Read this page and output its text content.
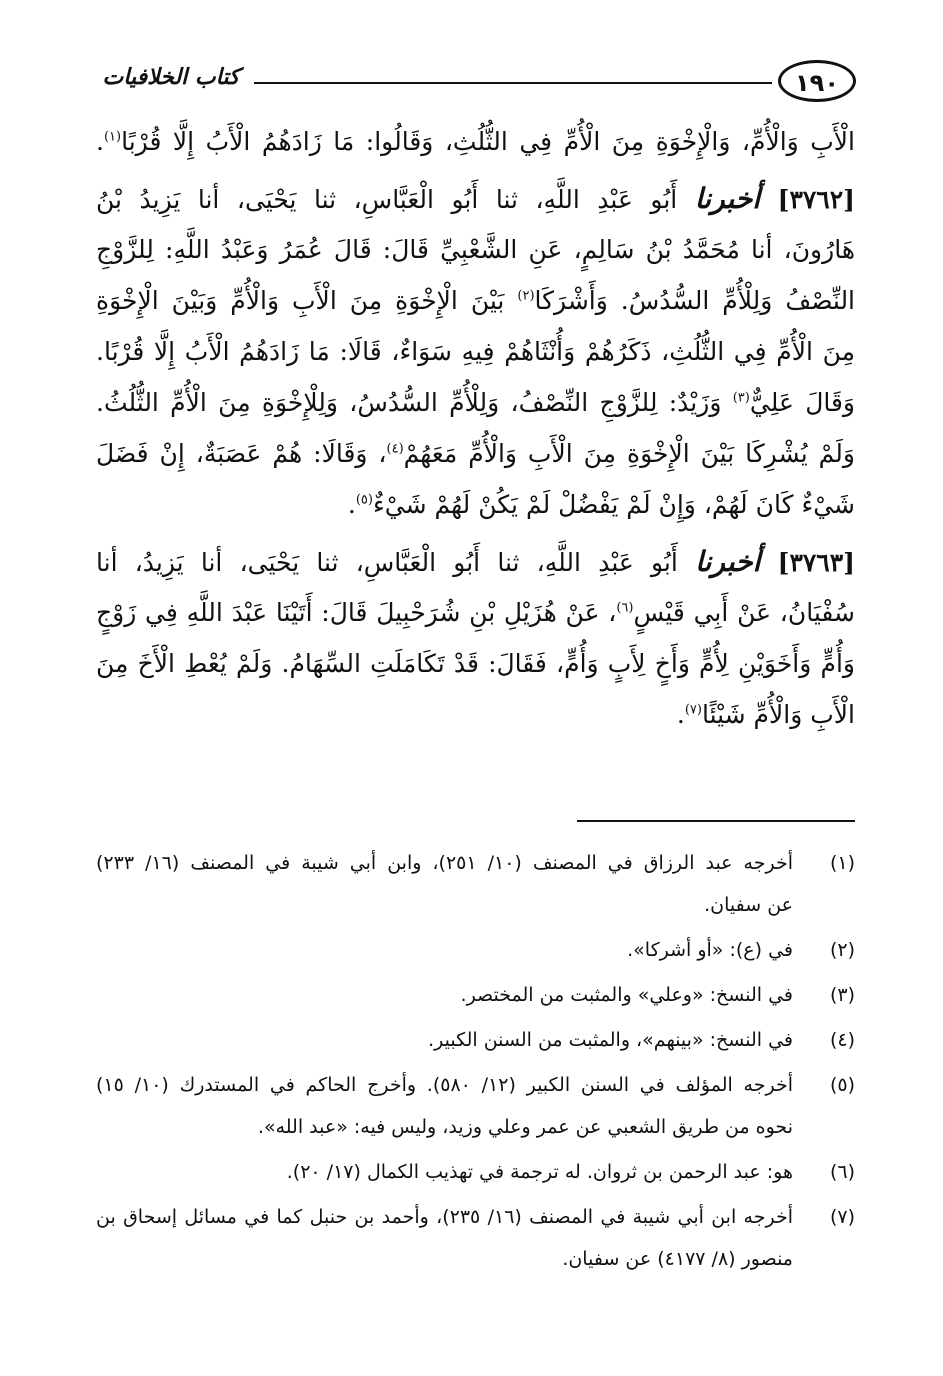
١٩٠
كتاب الخلافيات
الْأَبِ وَالْأُمِّ، وَالْإِخْوَةِ مِنَ الْأُمِّ فِي الثُّلُثِ، وَقَالُوا: مَا زَادَهُمُ الْأَبُ إِلَّا قُرْبًا$^{(١)}$.
[٣٧٦٢] أخبرنا أَبُو عَبْدِ اللَّهِ، ثنا أَبُو الْعَبَّاسِ، ثنا يَحْيَى، أنا يَزِيدُ بْنُ
هَارُونَ، أنا مُحَمَّدُ بْنُ سَالِمٍ، عَنِ الشَّعْبِيِّ قَالَ: قَالَ عُمَرُ وَعَبْدُ اللَّهِ: لِلزَّوْجِ
النِّصْفُ وَلِلْأُمِّ السُّدُسُ. وَأَشْرَكَا$^{(٢)}$ بَيْنَ الْإِخْوَةِ مِنَ الْأَبِ وَالْأُمِّ وَبَيْنَ الْإِخْوَةِ
مِنَ الْأُمِّ فِي الثُّلُثِ، ذَكَرُهُمْ وَأُنْثَاهُمْ فِيهِ سَوَاءٌ، قَالَا: مَا زَادَهُمُ الْأَبُ إِلَّا قُرْبًا.
وَقَالَ عَلِيٌّ$^{(٣)}$ وَزَيْدٌ: لِلزَّوْجِ النِّصْفُ، وَلِلْأُمِّ السُّدُسُ، وَلِلْإِخْوَةِ مِنَ الْأُمِّ الثُّلُثُ.
وَلَمْ يُشْرِكَا بَيْنَ الْإِخْوَةِ مِنَ الْأَبِ وَالْأُمِّ مَعَهُمْ$^{(٤)}$، وَقَالَا: هُمْ عَصَبَةٌ، إِنْ فَضَلَ
شَيْءٌ كَانَ لَهُمْ، وَإِنْ لَمْ يَفْضُلْ لَمْ يَكُنْ لَهُمْ شَيْءٌ$^{(٥)}$.
[٣٧٦٣] أخبرنا أَبُو عَبْدِ اللَّهِ، ثنا أَبُو الْعَبَّاسِ، ثنا يَحْيَى، أنا يَزِيدُ، أنا
سُفْيَانُ، عَنْ أَبِي قَيْسٍ$^{(٦)}$، عَنْ هُزَيْلِ بْنِ شُرَحْبِيلَ قَالَ: أَتَيْنَا عَبْدَ اللَّهِ فِي زَوْجٍ
وَأُمٍّ وَأَخَوَيْنِ لِأُمٍّ وَأَخٍ لِأَبٍ وَأُمٍّ، فَقَالَ: قَدْ تَكَامَلَتِ السِّهَامُ. وَلَمْ يُعْطِ الْأَخَ مِنَ
الْأَبِ وَالْأُمِّ شَيْئًا$^{(٧)}$.
(١)
أخرجه عبد الرزاق في المصنف (١٠/ ٢٥١)، وابن أبي شيبة في المصنف (١٦/ ٢٣٣)
عن سفيان.
(٢)
في (ع): «أو أشركا».
(٣)
في النسخ: «وعلي» والمثبت من المختصر.
(٤)
في النسخ: «بينهم»، والمثبت من السنن الكبير.
(٥)
أخرجه المؤلف في السنن الكبير (١٢/ ٥٨٠). وأخرج الحاكم في المستدرك (١٠/ ١٥)
نحوه من طريق الشعبي عن عمر وعلي وزيد، وليس فيه: «عبد الله».
(٦)
هو: عبد الرحمن بن ثروان. له ترجمة في تهذيب الكمال (١٧/ ٢٠).
(٧)
أخرجه ابن أبي شيبة في المصنف (١٦/ ٢٣٥)، وأحمد بن حنبل كما في مسائل إسحاق بن
منصور (٨/ ٤١٧٧) عن سفيان.
